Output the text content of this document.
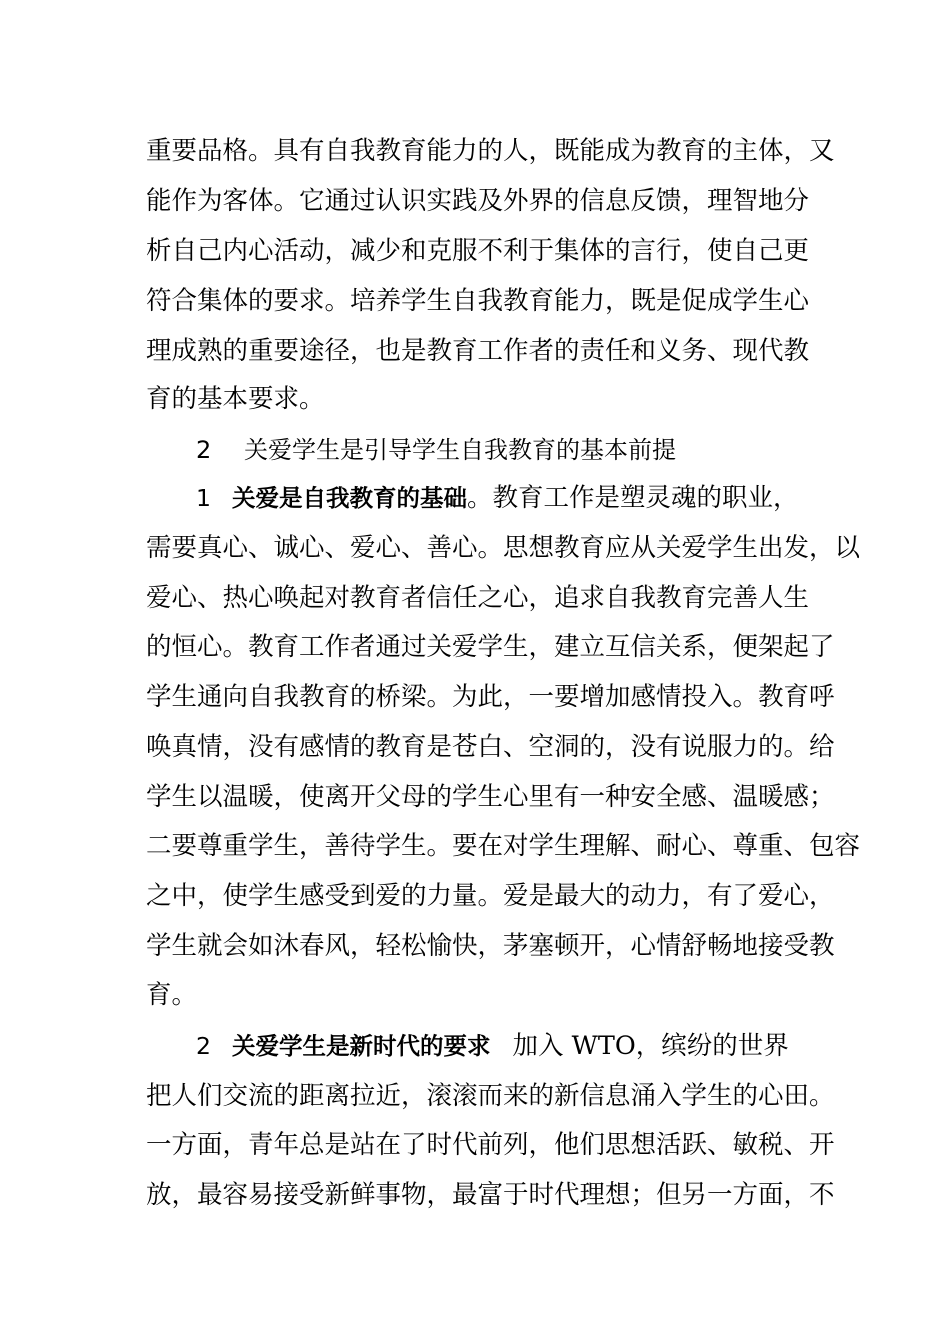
重要品格。具有自我教育能力的人，既能成为教育的主体，又
能作为客体。它通过认识实践及外界的信息反馈，理智地分
析自己内心活动，减少和克服不利于集体的言行，使自己更
符合集体的要求。培养学生自我教育能力，既是促成学生心
理成熟的重要途径，也是教育工作者的责任和义务、现代教
育的基本要求。
2 关爱学生是引导学生自我教育的基本前提
1 关爱是自我教育的基础。教育工作是塑灵魂的职业，
需要真心、诚心、爱心、善心。思想教育应从关爱学生出发，以
爱心、热心唤起对教育者信任之心，追求自我教育完善人生
的恒心。教育工作者通过关爱学生，建立互信关系，便架起了
学生通向自我教育的桥梁。为此，一要增加感情投入。教育呼
唤真情，没有感情的教育是苍白、空洞的，没有说服力的。给
学生以温暖，使离开父母的学生心里有一种安全感、温暖感；
二要尊重学生，善待学生。要在对学生理解、耐心、尊重、包容
之中，使学生感受到爱的力量。爱是最大的动力，有了爱心，
学生就会如沐春风，轻松愉快，茅塞顿开，心情舒畅地接受教
育。
2 关爱学生是新时代的要求 加入 WTO，缤纷的世界
把人们交流的距离拉近，滚滚而来的新信息涌入学生的心田。
一方面，青年总是站在了时代前列，他们思想活跃、敏税、开
放，最容易接受新鲜事物，最富于时代理想；但另一方面，不
